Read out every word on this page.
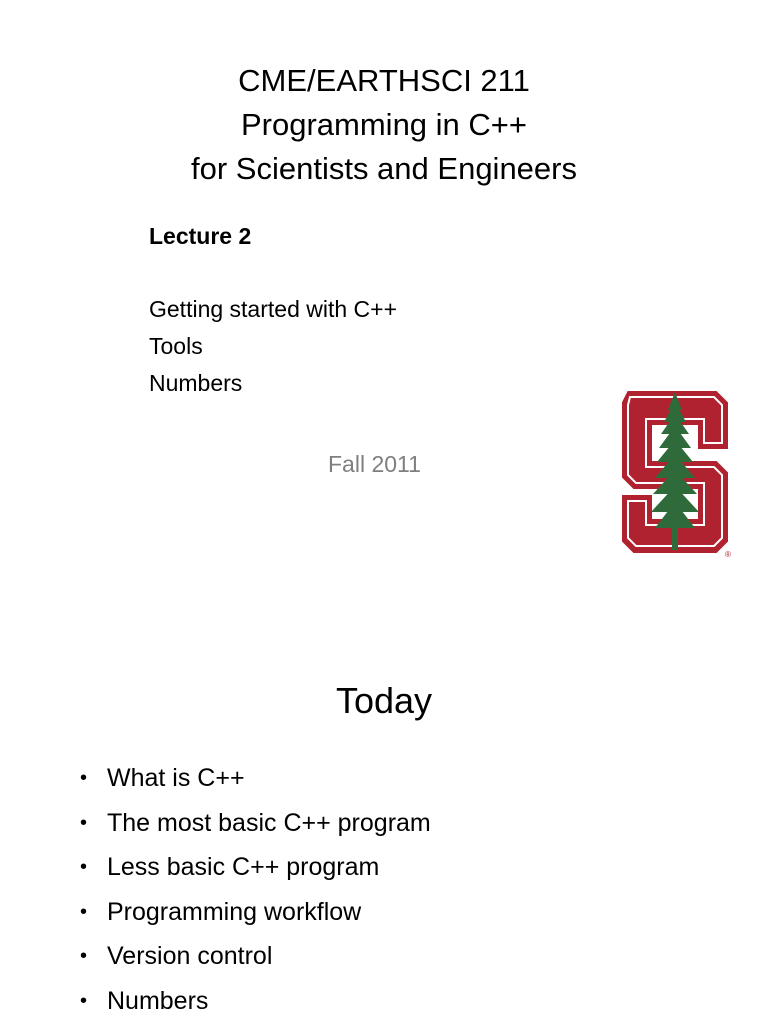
CME/EARTHSCI 211
Programming in C++
for Scientists and Engineers
Lecture 2
Getting started with C++
Tools
Numbers
Fall 2011
®
Today
• What is C++
• The most basic C++ program
• Less basic C++ program
• Programming workflow
• Version control
• Numbers
